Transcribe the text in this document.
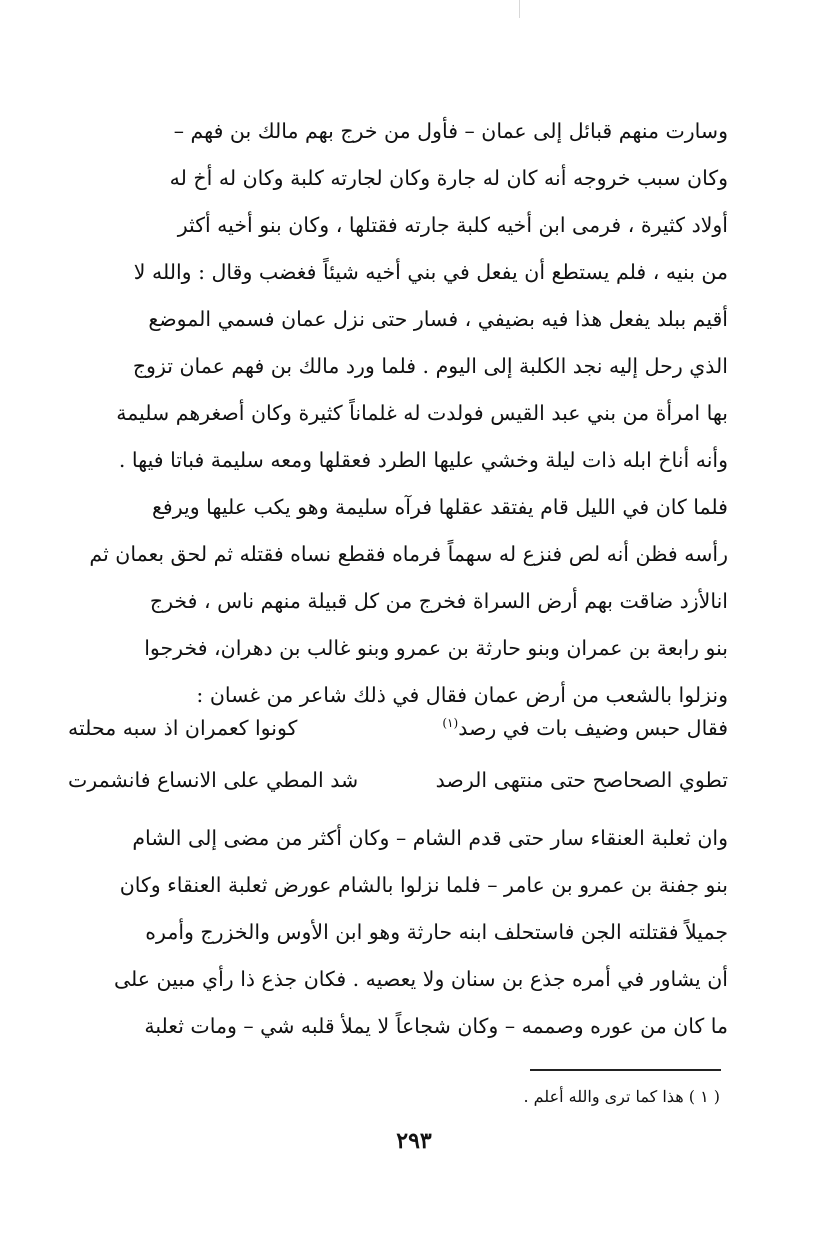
وسارت منهم قبائل إلى عمان – فأول من خرج بهم مالك بن فهم –
وكان سبب خروجه أنه كان له جارة وكان لجارته كلبة وكان له أخ له
أولاد كثيرة ، فرمى ابن أخيه كلبة جارته فقتلها ، وكان بنو أخيه أكثر
من بنيه ، فلم يستطع أن يفعل في بني أخيه شيئاً فغضب وقال : والله لا
أقيم ببلد يفعل هذا فيه بضيفي ، فسار حتى نزل عمان فسمي الموضع
الذي رحل إليه نجد الكلبة إلى اليوم . فلما ورد مالك بن فهم عمان تزوج
بها امرأة من بني عبد القيس فولدت له غلماناً كثيرة وكان أصغرهم سليمة
وأنه أناخ ابله ذات ليلة وخشي عليها الطرد فعقلها ومعه سليمة فباتا فيها .
فلما كان في الليل قام يفتقد عقلها فرآه سليمة وهو يكب عليها ويرفع
رأسه فظن أنه لص فنزع له سهماً فرماه فقطع نساه فقتله ثم لحق بعمان ثم
انالأزد ضاقت بهم أرض السراة فخرج من كل قبيلة منهم ناس ، فخرج
بنو رابعة بن عمران وبنو حارثة بن عمرو وبنو غالب بن دهران، فخرجوا
ونزلوا بالشعب من أرض عمان فقال في ذلك شاعر من غسان :
فقال حبس وضيف بات في رصد(١)
كونوا كعمران اذ سبه محلته
تطوي الصحاصح حتى منتهى الرصد
شد المطي على الانساع فانشمرت
وان ثعلبة العنقاء سار حتى قدم الشام – وكان أكثر من مضى إلى الشام
بنو جفنة بن عمرو بن عامر – فلما نزلوا بالشام عورض ثعلبة العنقاء وكان
جميلاً فقتلته الجن فاستحلف ابنه حارثة وهو ابن الأوس والخزرج وأمره
أن يشاور في أمره جذع بن سنان ولا يعصيه . فكان جذع ذا رأي مبين على
ما كان من عوره وصممه – وكان شجاعاً لا يملأ قلبه شي – ومات ثعلبة
( ١ ) هذا كما ترى والله أعلم .
٢٩٣
